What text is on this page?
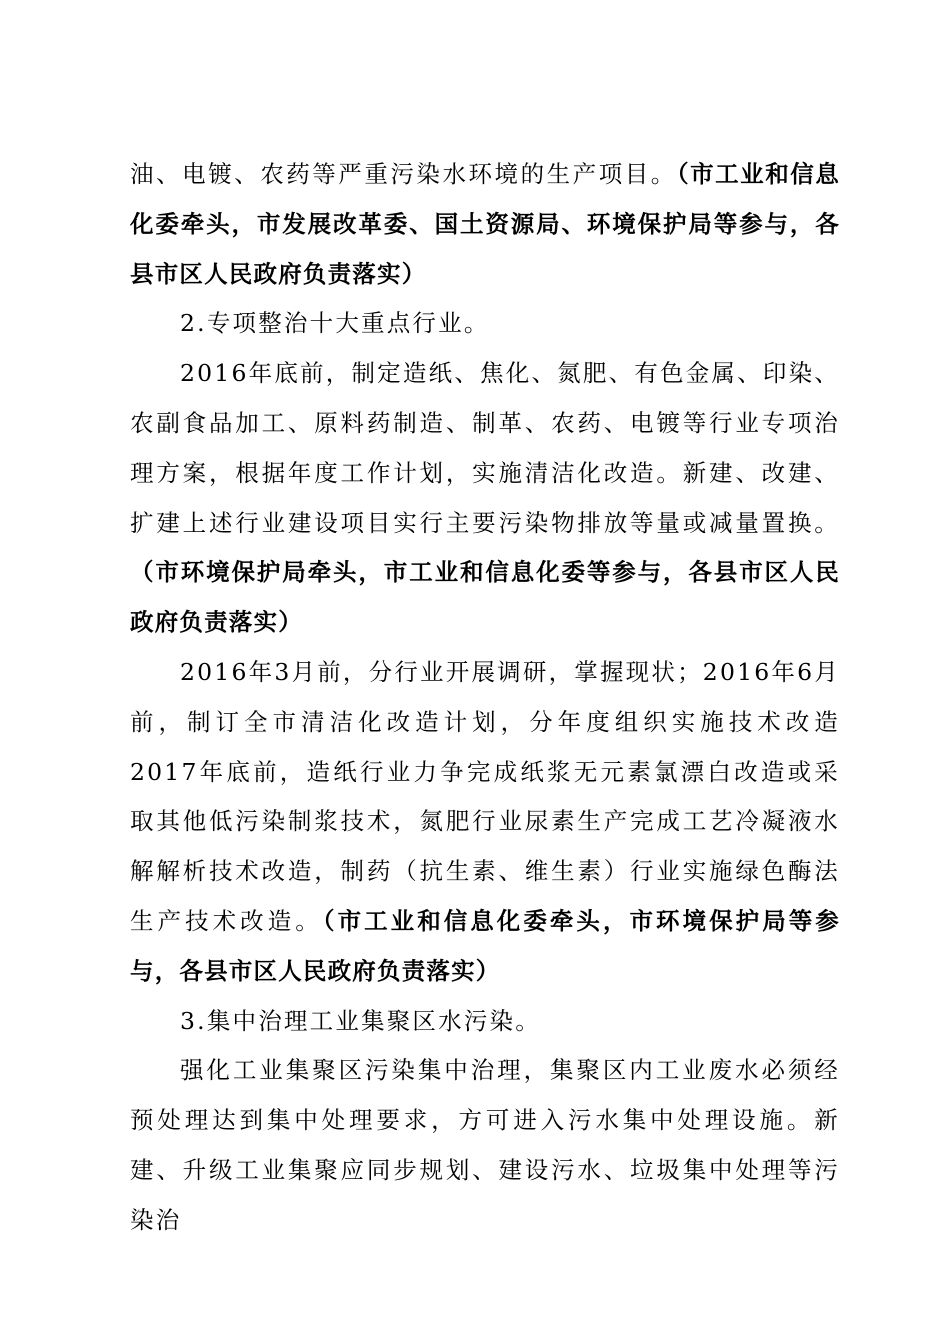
油、电镀、农药等严重污染水环境的生产项目。（市工业和信息化委牵头，市发展改革委、国土资源局、环境保护局等参与，各县市区人民政府负责落实）

2.专项整治十大重点行业。

2016年底前，制定造纸、焦化、氮肥、有色金属、印染、农副食品加工、原料药制造、制革、农药、电镀等行业专项治理方案，根据年度工作计划，实施清洁化改造。新建、改建、扩建上述行业建设项目实行主要污染物排放等量或减量置换。（市环境保护局牵头，市工业和信息化委等参与，各县市区人民政府负责落实）

2016年3月前，分行业开展调研，掌握现状；2016年6月前，制订全市清洁化改造计划，分年度组织实施技术改造2017年底前，造纸行业力争完成纸浆无元素氯漂白改造或采取其他低污染制浆技术，氮肥行业尿素生产完成工艺冷凝液水解解析技术改造，制药（抗生素、维生素）行业实施绿色酶法生产技术改造。（市工业和信息化委牵头，市环境保护局等参与，各县市区人民政府负责落实）

3.集中治理工业集聚区水污染。

强化工业集聚区污染集中治理，集聚区内工业废水必须经预处理达到集中处理要求，方可进入污水集中处理设施。新建、升级工业集聚应同步规划、建设污水、垃圾集中处理等污染治
